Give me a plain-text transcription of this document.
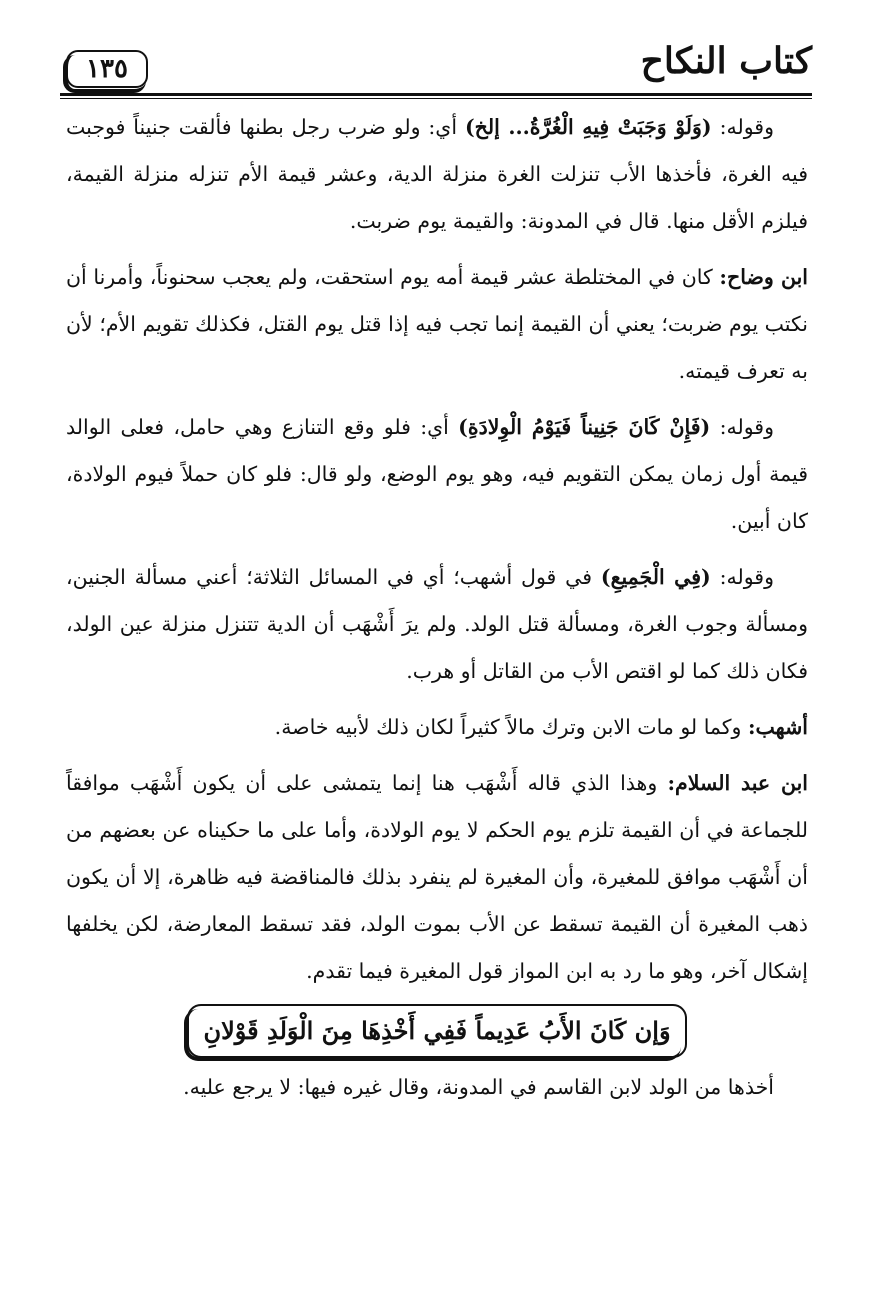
١٣٥	كتاب النكاح

وقوله: (وَلَوْ وَجَبَتْ فِيهِ الْغُرَّةُ... إلخ) أي: ولو ضرب رجل بطنها فألقت جنيناً فوجبت فيه الغرة، فأخذها الأب تنزلت الغرة منزلة الدية، وعشر قيمة الأم تنزله منزلة القيمة، فيلزم الأقل منها. قال في المدونة: والقيمة يوم ضربت.

ابن وضاح: كان في المختلطة عشر قيمة أمه يوم استحقت، ولم يعجب سحنوناً، وأمرنا أن نكتب يوم ضربت؛ يعني أن القيمة إنما تجب فيه إذا قتل يوم القتل، فكذلك تقويم الأم؛ لأن به تعرف قيمته.

وقوله: (فَإِنْ كَانَ جَنِيناً فَيَوْمُ الْوِلادَةِ) أي: فلو وقع التنازع وهي حامل، فعلى الوالد قيمة أول زمان يمكن التقويم فيه، وهو يوم الوضع، ولو قال: فلو كان حملاً فيوم الولادة، كان أبين.

وقوله: (فِي الْجَمِيعِ) في قول أشهب؛ أي في المسائل الثلاثة؛ أعني مسألة الجنين، ومسألة وجوب الغرة، ومسألة قتل الولد. ولم يرَ أَشْهَب أن الدية تتنزل منزلة عين الولد، فكان ذلك كما لو اقتص الأب من القاتل أو هرب.

أشهب: وكما لو مات الابن وترك مالاً كثيراً لكان ذلك لأبيه خاصة.

ابن عبد السلام: وهذا الذي قاله أَشْهَب هنا إنما يتمشى على أن يكون أَشْهَب موافقاً للجماعة في أن القيمة تلزم يوم الحكم لا يوم الولادة، وأما على ما حكيناه عن بعضهم من أن أَشْهَب موافق للمغيرة، وأن المغيرة لم ينفرد بذلك فالمناقضة فيه ظاهرة، إلا أن يكون ذهب المغيرة أن القيمة تسقط عن الأب بموت الولد، فقد تسقط المعارضة، لكن يخلفها إشكال آخر، وهو ما رد به ابن المواز قول المغيرة فيما تقدم.

وَإن كَانَ الأَبُ عَدِيماً فَفِي أَخْذِهَا مِنَ الْوَلَدِ قَوْلانِ

أخذها من الولد لابن القاسم في المدونة، وقال غيره فيها: لا يرجع عليه.
